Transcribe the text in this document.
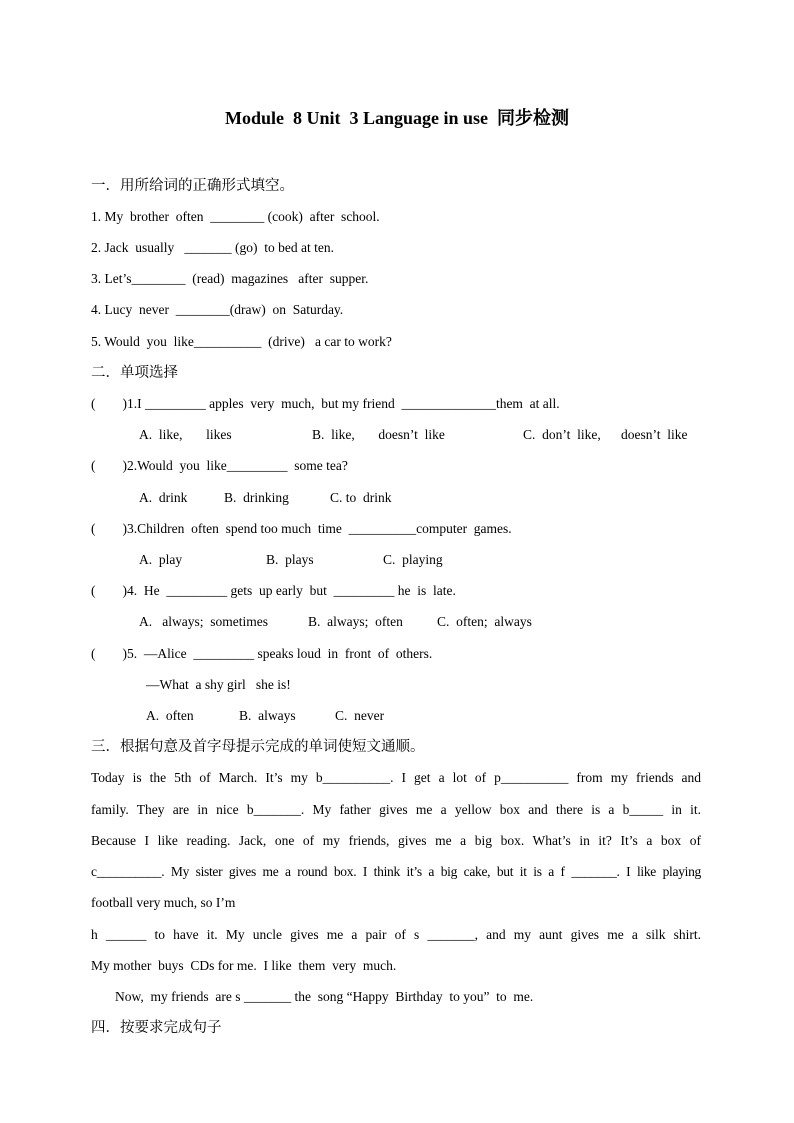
Module  8 Unit  3 Language in use  同步检测
一．用所给词的正确形式填空。
1. My  brother  often  ________ (cook)  after  school.
2. Jack  usually   _______ (go)  to bed at ten.
3. Let’s________  (read)  magazines   after  supper.
4. Lucy  never  ________(draw)  on  Saturday.
5. Would  you  like__________  (drive)   a car to work?
二．单项选择
(        )1.I _________ apples  very  much,  but my friend  ______________them  at all.
A.  like,       likes	B.  like,       doesn’t  like	C.  don’t  like,      doesn’t  like
(        )2.Would  you  like_________  some tea?
A.  drink	B.  drinking	C. to  drink
(        )3.Children  often  spend too much  time  __________computer  games.
A.  play	B.  plays	C.  playing
(        )4.  He  _________ gets  up early  but  _________ he  is  late.
A.   always;  sometimes	B.  always;  often	C.  often;  always
(        )5.  —Alice  _________ speaks loud  in  front  of  others.
—What  a shy girl   she is!
A.  often	B.  always	C.  never
三．根据句意及首字母提示完成的单词使短文通顺。
Today is the 5th of March. It’s my b__________. I get a lot of p__________ from my friends and
family. They are in nice b_______. My father gives me a yellow box and there is a b_____ in it.
Because I like reading. Jack, one of my friends, gives me a big box. What’s in it? It’s a box of
c__________. My sister gives me a round box. I think it’s a big cake, but it is a f _______. I like playing
football very much, so I’m
h ______ to have it. My uncle gives me a pair of s _______, and my aunt gives me a silk shirt.
My mother  buys  CDs for me.  I like  them  very  much.
Now,  my friends  are s _______ the  song “Happy  Birthday  to you”  to  me.
四．按要求完成句子
